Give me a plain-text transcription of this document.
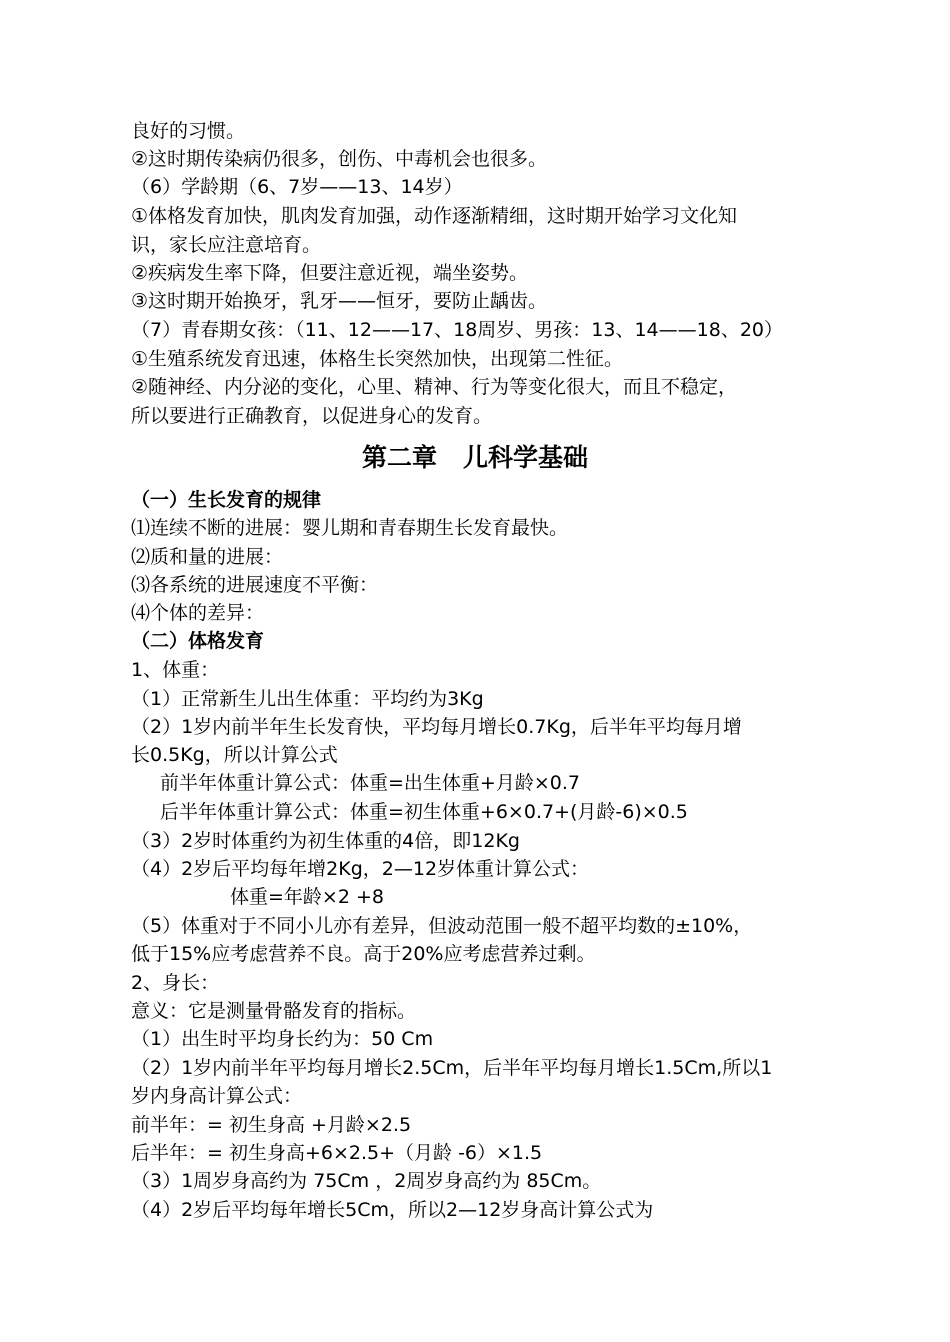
良好的习惯。
②这时期传染病仍很多，创伤、中毒机会也很多。
（6）学龄期（6、7岁——13、14岁）
①体格发育加快，肌肉发育加强，动作逐渐精细，这时期开始学习文化知
识，家长应注意培育。
②疾病发生率下降，但要注意近视，端坐姿势。
③这时期开始换牙，乳牙——恒牙，要防止龋齿。
（7）青春期女孩：（11、12——17、18周岁、男孩：13、14——18、20）
①生殖系统发育迅速，体格生长突然加快，出现第二性征。
②随神经、内分泌的变化，心里、精神、行为等变化很大，而且不稳定，
所以要进行正确教育，以促进身心的发育。
第二章   儿科学基础
（一）生长发育的规律
⑴连续不断的进展：婴儿期和青春期生长发育最快。
⑵质和量的进展：
⑶各系统的进展速度不平衡：
⑷个体的差异：
（二）体格发育
1、体重：
（1）正常新生儿出生体重：平均约为3Kg
（2）1岁内前半年生长发育快，平均每月增长0.7Kg，后半年平均每月增
长0.5Kg，所以计算公式
前半年体重计算公式：体重=出生体重+月龄×0.7
后半年体重计算公式：体重=初生体重+6×0.7+(月龄-6)×0.5
（3）2岁时体重约为初生体重的4倍，即12Kg
（4）2岁后平均每年增2Kg，2—12岁体重计算公式：
体重=年龄×2 +8
（5）体重对于不同小儿亦有差异，但波动范围一般不超平均数的±10%，
低于15%应考虑营养不良。高于20%应考虑营养过剩。
2、身长：
意义：它是测量骨骼发育的指标。
（1）出生时平均身长约为：50 Cm
（2）1岁内前半年平均每月增长2.5Cm，后半年平均每月增长1.5Cm,所以1
岁内身高计算公式：
前半年：= 初生身高 +月龄×2.5
后半年：= 初生身高+6×2.5+（月龄 -6）×1.5
（3）1周岁身高约为 75Cm ，2周岁身高约为 85Cm。
（4）2岁后平均每年增长5Cm，所以2—12岁身高计算公式为
